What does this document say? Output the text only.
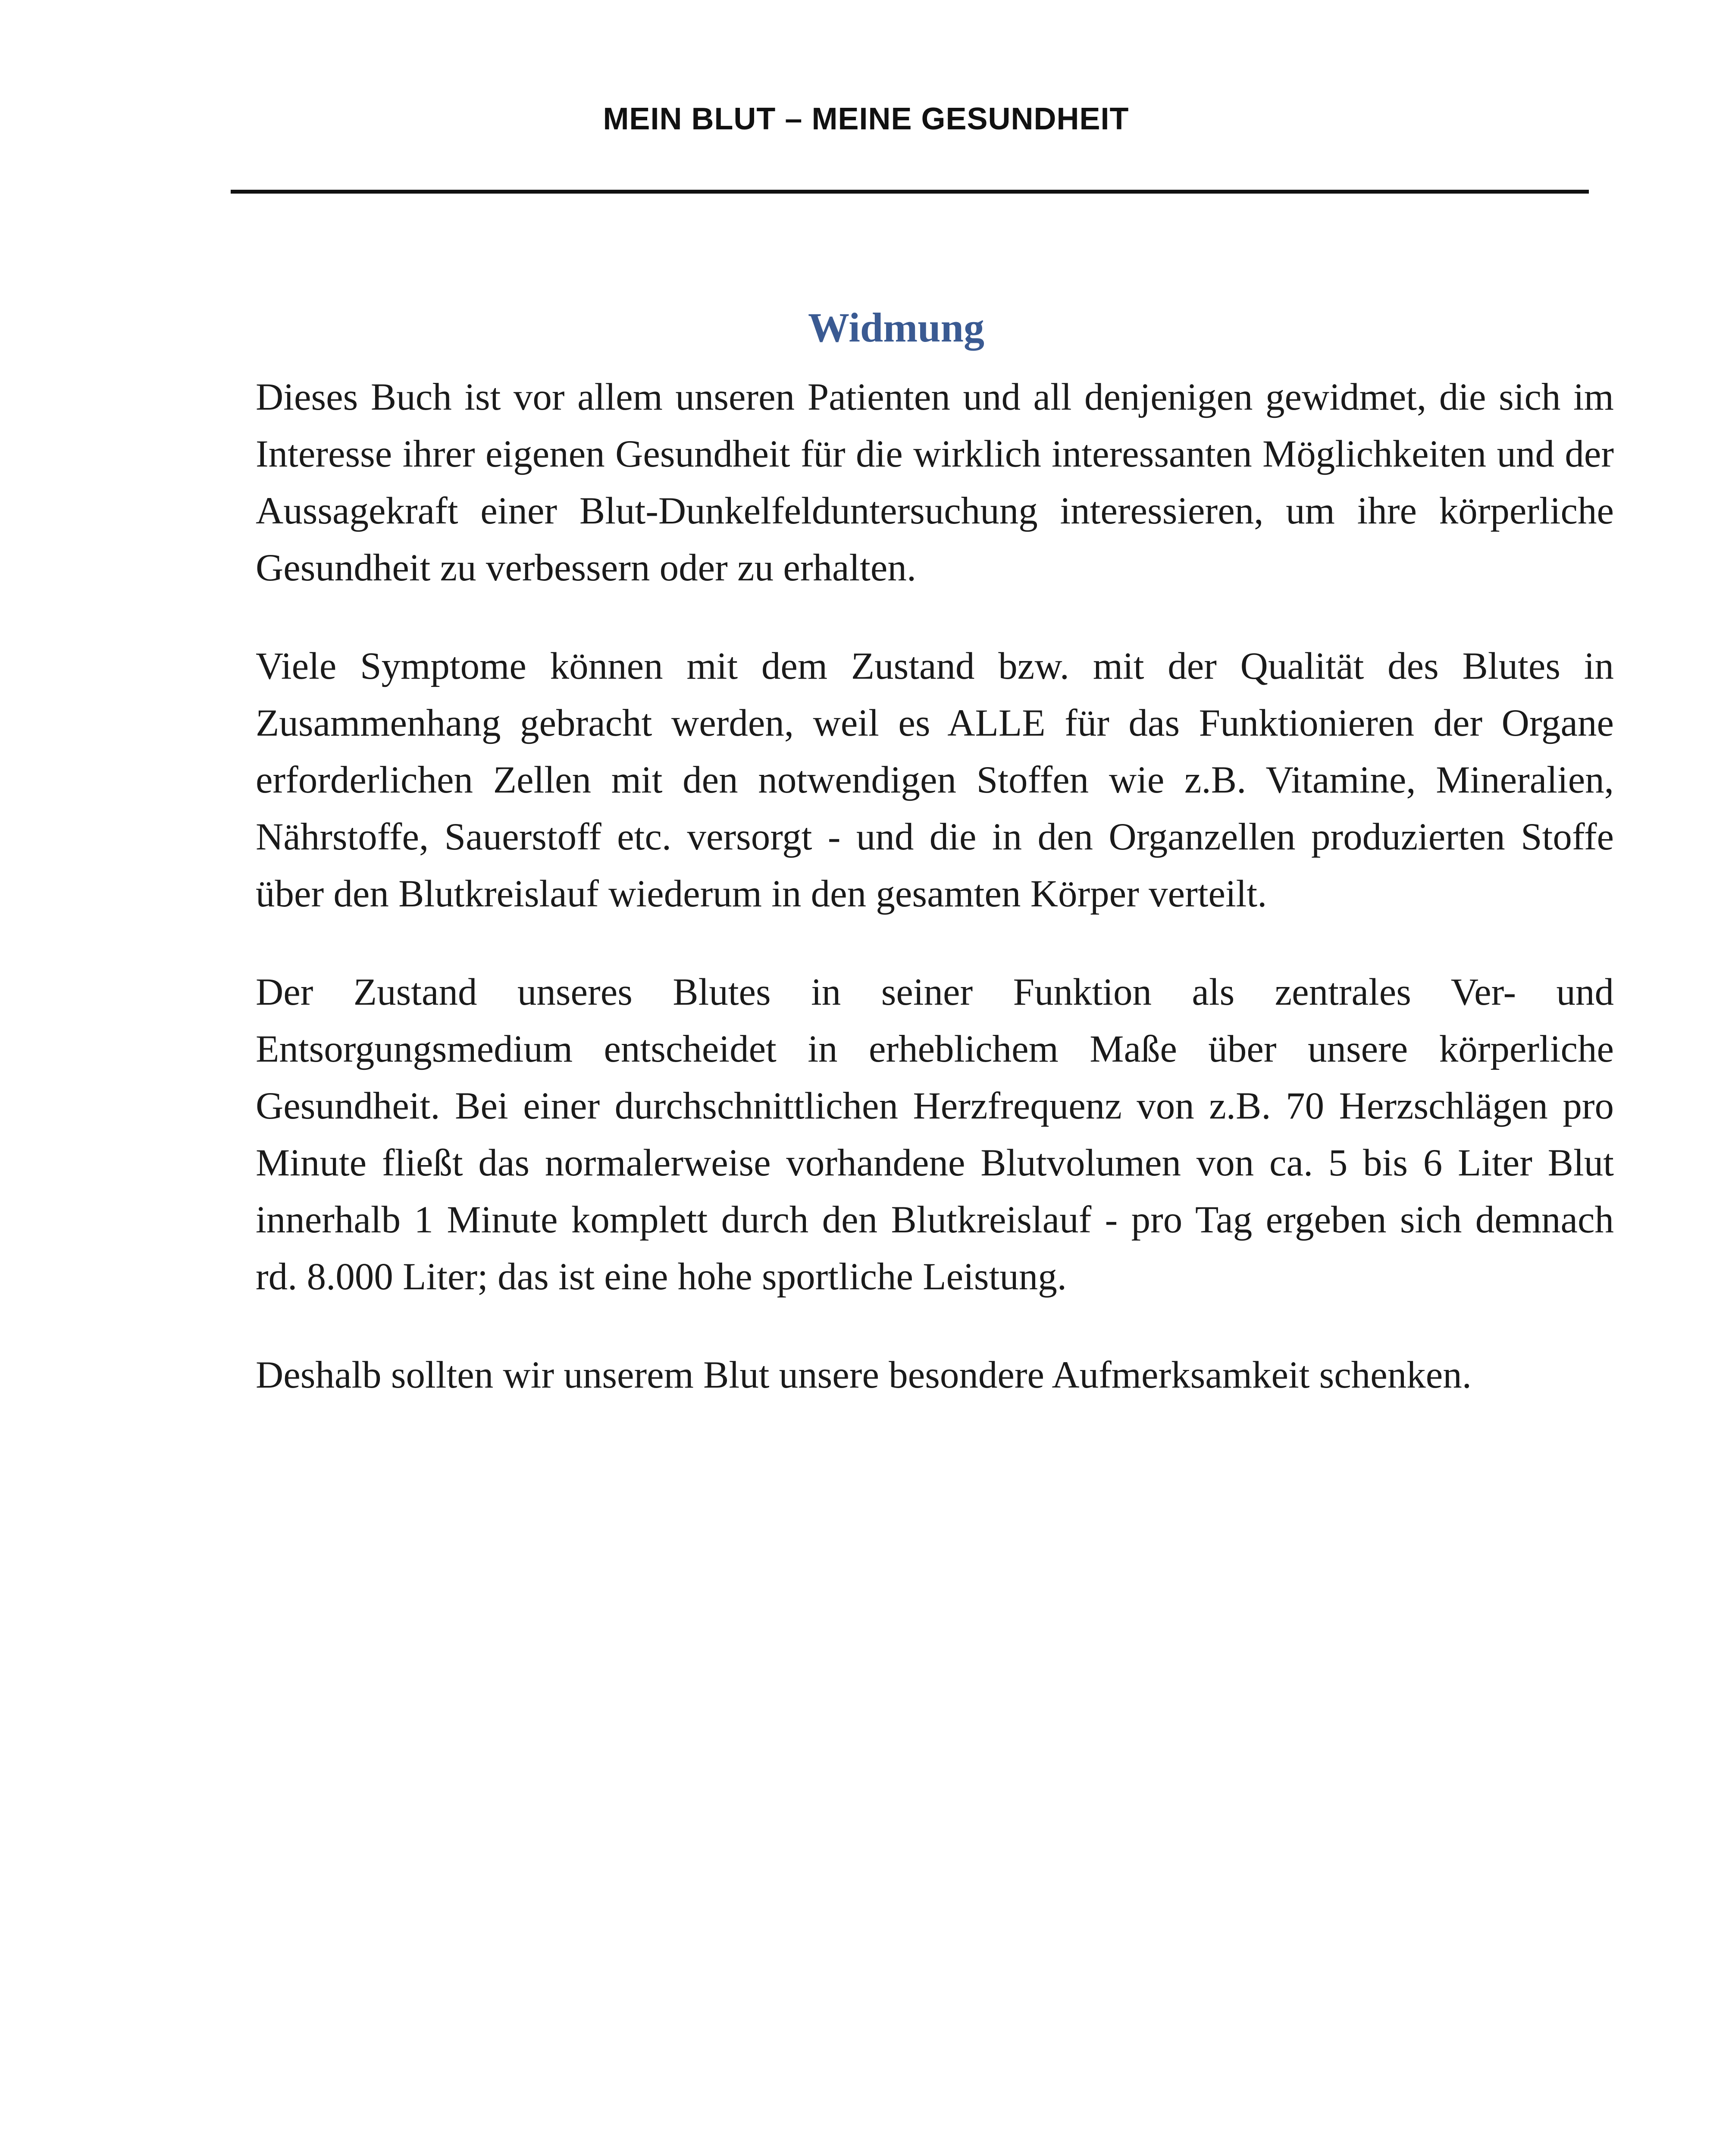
MEIN BLUT – MEINE GESUNDHEIT
Widmung

Dieses Buch ist vor allem unseren Patienten und all denjenigen gewidmet, die sich im Interesse ihrer eigenen Gesundheit für die wirklich interessanten Möglichkeiten und der Aussagekraft einer Blut-Dunkelfelduntersuchung interessieren, um ihre körperliche Gesundheit zu verbessern oder zu erhalten.

Viele Symptome können mit dem Zustand bzw. mit der Qualität des Blutes in Zusammenhang gebracht werden, weil es ALLE für das Funktionieren der Organe erforderlichen Zellen mit den notwendigen Stoffen wie z.B. Vitamine, Mineralien, Nährstoffe, Sauerstoff etc. versorgt - und die in den Organzellen produzierten Stoffe über den Blutkreislauf wiederum in den gesamten Körper verteilt.

Der Zustand unseres Blutes in seiner Funktion als zentrales Ver- und Entsorgungsmedium entscheidet in erheblichem Maße über unsere körperliche Gesundheit. Bei einer durchschnittlichen Herzfrequenz von z.B. 70 Herzschlägen pro Minute fließt das normalerweise vorhandene Blutvolumen von ca. 5 bis 6 Liter Blut innerhalb 1 Minute komplett durch den Blutkreislauf - pro Tag ergeben sich demnach rd. 8.000 Liter; das ist eine hohe sportliche Leistung.

Deshalb sollten wir unserem Blut unsere besondere Aufmerksamkeit schenken.
